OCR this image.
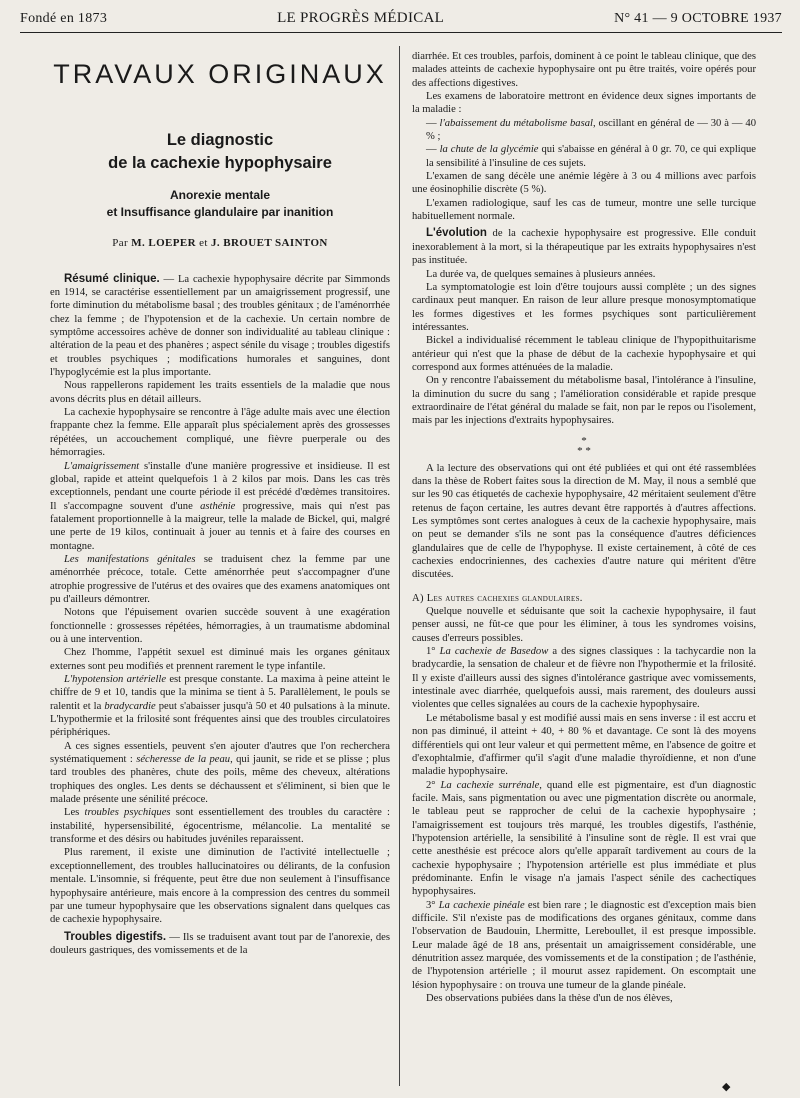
Fondé en 1873	LE PROGRÈS MÉDICAL	N° 41 — 9 OCTOBRE 1937
TRAVAUX ORIGINAUX
Le diagnostic
de la cachexie hypophysaire
Anorexie mentale
et Insuffisance glandulaire par inanition
Par M. LOEPER et J. BROUET SAINTON

Résumé clinique. — La cachexie hypophysaire décrite par Simmonds en 1914, se caractérise essentiellement par un amaigrissement progressif, une forte diminution du métabolisme basal ; des troubles génitaux ; de l'aménorrhée chez la femme ; de l'hypotension et de la cachexie. Un certain nombre de symptôme accessoires achève de donner son individualité au tableau clinique : altération de la peau et des phanères ; aspect sénile du visage ; troubles digestifs et troubles psychiques ; modifications humorales et sanguines, dont l'hypoglycémie est la plus importante.

Nous rappellerons rapidement les traits essentiels de la maladie que nous avons décrits plus en détail ailleurs.

La cachexie hypophysaire se rencontre à l'âge adulte mais avec une élection frappante chez la femme. Elle apparaît plus spécialement après des grossesses répétées, un accouchement compliqué, une fièvre puerperale ou des hémorragies.

L'amaigrissement s'installe d'une manière progressive et insidieuse. Il est global, rapide et atteint quelquefois 1 à 2 kilos par mois. Dans les cas très exceptionnels, pendant une courte période il est précédé d'œdèmes transitoires. Il s'accompagne souvent d'une asthénie progressive, mais qui n'est pas fatalement proportionnelle à la maigreur, telle la malade de Bickel, qui, malgré une perte de 19 kilos, continuait à jouer au tennis et à faire des courses en montagne.

Les manifestations génitales se traduisent chez la femme par une aménorrhée précoce, totale. Cette aménorrhée peut s'accompagner d'une atrophie progressive de l'utérus et des ovaires que des examens anatomiques ont pu d'ailleurs démontrer.

Notons que l'épuisement ovarien succède souvent à une exagération fonctionnelle : grossesses répétées, hémorragies, à un traumatisme abdominal ou à une intervention.

Chez l'homme, l'appétit sexuel est diminué mais les organes génitaux externes sont peu modifiés et prennent rarement le type infantile.

L'hypotension artérielle est presque constante. La maxima à peine atteint le chiffre de 9 et 10, tandis que la minima se tient à 5. Parallèlement, le pouls se ralentit et la bradycardie peut s'abaisser jusqu'à 50 et 40 pulsations à la minute. L'hypothermie et la frilosité sont fréquentes ainsi que des troubles circulatoires périphériques.

A ces signes essentiels, peuvent s'en ajouter d'autres que l'on recherchera systématiquement : sécheresse de la peau, qui jaunit, se ride et se plisse ; plus tard troubles des phanères, chute des poils, même des cheveux, altérations trophiques des ongles. Les dents se déchaussent et s'éliminent, si bien que le malade présente une sénilité précoce.

Les troubles psychiques sont essentiellement des troubles du caractère : instabilité, hypersensibilité, égocentrisme, mélancolie. La mentalité se transforme et des désirs ou habitudes juvéniles reparaissent.

Plus rarement, il existe une diminution de l'activité intellectuelle ; exceptionnellement, des troubles hallucinatoires ou délirants, de la confusion mentale. L'insomnie, si fréquente, peut être due non seulement à l'insuffisance hypophysaire antérieure, mais encore à la compression des centres du sommeil par une tumeur hypophysaire que les observations signalent dans quelques cas de cachexie hypophysaire.

Troubles digestifs. — Ils se traduisent avant tout par de l'anorexie, des douleurs gastriques, des vomissements et de la

diarrhée. Et ces troubles, parfois, dominent à ce point le tableau clinique, que des malades atteints de cachexie hypophysaire ont pu être traités, voire opérés pour des affections digestives.

Les examens de laboratoire mettront en évidence deux signes importants de la maladie :

— l'abaissement du métabolisme basal, oscillant en général de — 30 à — 40 % ;

— la chute de la glycémie qui s'abaisse en général à 0 gr. 70, ce qui explique la sensibilité à l'insuline de ces sujets.

L'examen de sang décèle une anémie légère à 3 ou 4 millions avec parfois une éosinophilie discrète (5 %).

L'examen radiologique, sauf les cas de tumeur, montre une selle turcique habituellement normale.

L'évolution de la cachexie hypophysaire est progressive. Elle conduit inexorablement à la mort, si la thérapeutique par les extraits hypophysaires n'est pas instituée.

La durée va, de quelques semaines à plusieurs années.

La symptomatologie est loin d'être toujours aussi complète ; un des signes cardinaux peut manquer. En raison de leur allure presque monosymptomatique les formes digestives et les formes psychiques sont particulièrement intéressantes.

Bickel a individualisé récemment le tableau clinique de l'hypopithuitarisme antérieur qui n'est que la phase de début de la cachexie hypophysaire et qui correspond aux formes atténuées de la maladie.

On y rencontre l'abaissement du métabolisme basal, l'intolérance à l'insuline, la diminution du sucre du sang ; l'amélioration considérable et rapide presque extraordinaire de l'état général du malade se fait, non par le repos ou l'isolement, mais par les injections d'extraits hypophysaires.

*
* *

A la lecture des observations qui ont été publiées et qui ont été rassemblées dans la thèse de Robert faites sous la direction de M. May, il nous a semblé que sur les 90 cas étiquetés de cachexie hypophysaire, 42 méritaient seulement d'être retenus de façon certaine, les autres devant être rapportés à d'autres affections. Les symptômes sont certes analogues à ceux de la cachexie hypophysaire, mais on peut se demander s'ils ne sont pas la conséquence d'autres déficiences glandulaires que de celle de l'hypophyse. Il existe certainement, à côté de ces cachexies endocriniennes, des cachexies d'autre nature qui méritent d'être discutées.

A) Les autres cachexies glandulaires.

Quelque nouvelle et séduisante que soit la cachexie hypophysaire, il faut penser aussi, ne fût-ce que pour les éliminer, à tous les syndromes voisins, causes d'erreurs possibles.

1° La cachexie de Basedow a des signes classiques : la tachycardie non la bradycardie, la sensation de chaleur et de fièvre non l'hypothermie et la frilosité. Il y existe d'ailleurs aussi des signes d'intolérance gastrique avec vomissements, intestinale avec diarrhée, quelquefois aussi, mais rarement, des douleurs aussi violentes que celles signalées au cours de la cachexie hypophysaire.

Le métabolisme basal y est modifié aussi mais en sens inverse : il est accru et non pas diminué, il atteint + 40, + 80 % et davantage. Ce sont là des moyens différentiels qui ont leur valeur et qui permettent même, en l'absence de goitre et d'exophtalmie, d'affirmer qu'il s'agit d'une maladie thyroïdienne, et non d'une maladie hypophysaire.

2° La cachexie surrénale, quand elle est pigmentaire, est d'un diagnostic facile. Mais, sans pigmentation ou avec une pigmentation discrète ou anormale, le tableau peut se rapprocher de celui de la cachexie hypophysaire ; l'amaigrissement est toujours très marqué, les troubles digestifs, l'asthénie, l'hypotension artérielle, la sensibilité à l'insuline sont de règle. Il est vrai que cette anesthésie est précoce alors qu'elle apparaît tardivement au cours de la cachexie hypophysaire ; l'hypotension artérielle est plus immédiate et plus prédominante. Enfin le visage n'a jamais l'aspect sénile des cachectiques hypophysaires.

3° La cachexie pinéale est bien rare ; le diagnostic est d'exception mais bien difficile. S'il n'existe pas de modifications des organes génitaux, comme dans l'observation de Baudouin, Lhermitte, Lereboullet, il est presque impossible. Leur malade âgé de 18 ans, présentait un amaigrissement considérable, une dénutrition assez marquée, des vomissements et de la constipation ; de l'asthénie, de l'hypotension artérielle ; il mourut assez rapidement. On escomptait une lésion hypophysaire : on trouva une tumeur de la glande pinéale.

Des observations pubiées dans la thèse d'un de nos élèves,

◆
